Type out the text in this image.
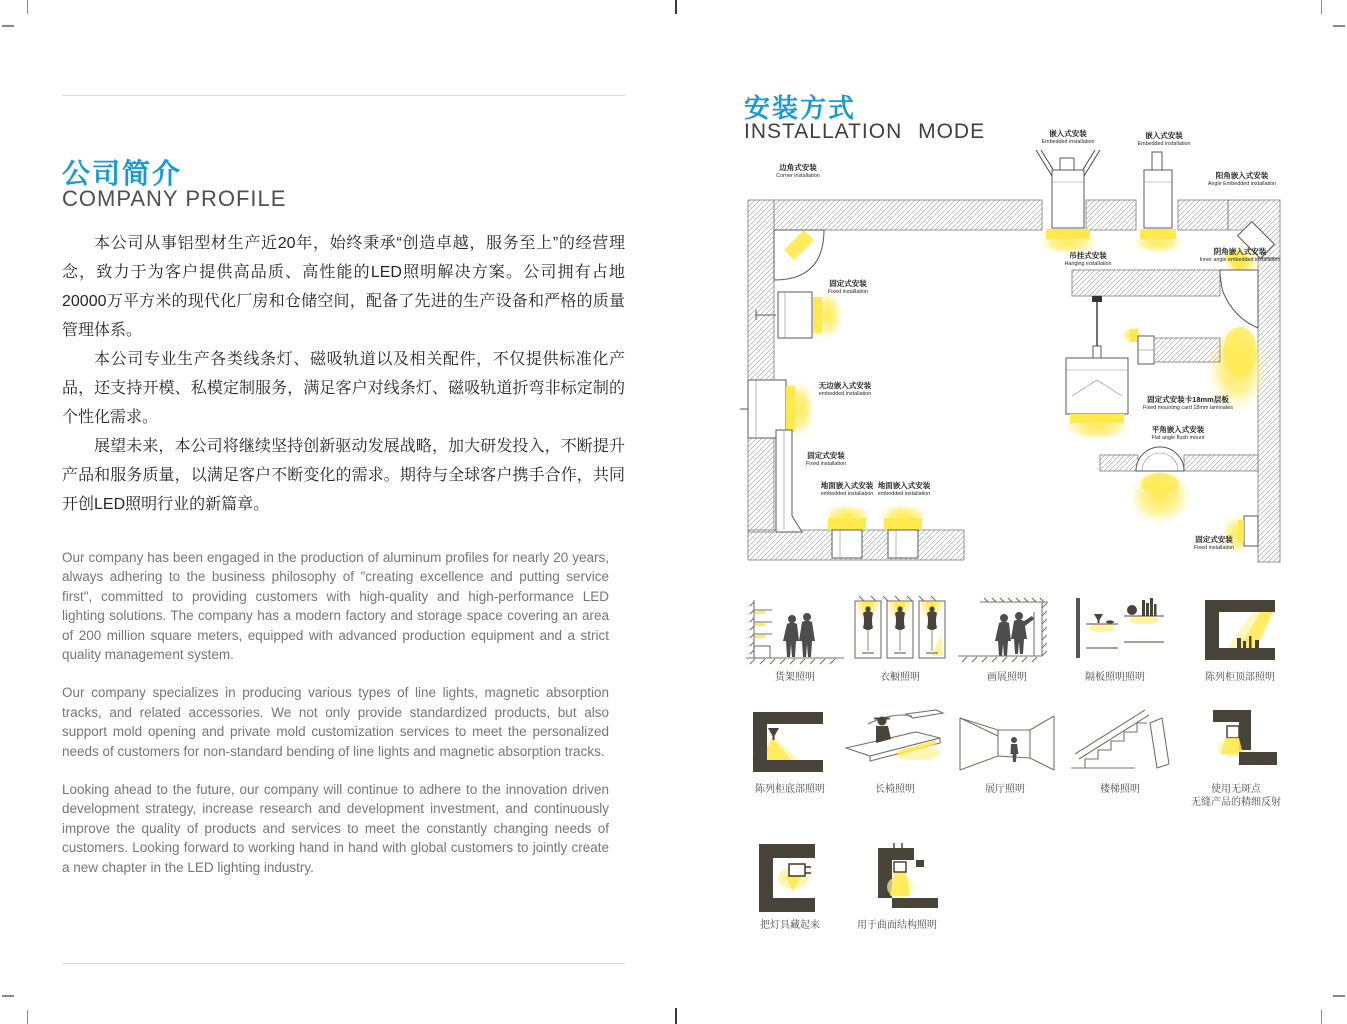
公司简介
COMPANY PROFILE

本公司从事铝型材生产近20年，始终秉承“创造卓越，服务至上”的经营理念，致力于为客户提供高品质、高性能的LED照明解决方案。公司拥有占地20000万平方米的现代化厂房和仓储空间，配备了先进的生产设备和严格的质量管理体系。

本公司专业生产各类线条灯、磁吸轨道以及相关配件，不仅提供标准化产品，还支持开模、私模定制服务，满足客户对线条灯、磁吸轨道折弯非标定制的个性化需求。

展望未来，本公司将继续坚持创新驱动发展战略，加大研发投入，不断提升产品和服务质量，以满足客户不断变化的需求。期待与全球客户携手合作，共同开创LED照明行业的新篇章。

Our company has been engaged in the production of aluminum profiles for nearly 20 years, always adhering to the business philosophy of "creating excellence and putting service first", committed to providing customers with high-quality and high-performance LED lighting solutions. The company has a modern factory and storage space covering an area of 200 million square meters, equipped with advanced production equipment and a strict quality management system.

Our company specializes in producing various types of line lights, magnetic absorption tracks, and related accessories. We not only provide standardized products, but also support mold opening and private mold customization services to meet the personalized needs of customers for non-standard bending of line lights and magnetic absorption tracks.

Looking ahead to the future, our company will continue to adhere to the innovation driven development strategy, increase research and development investment, and continuously improve the quality of products and services to meet the constantly changing needs of customers. Looking forward to working hand in hand with global customers to jointly create a new chapter in the LED lighting industry.

安装方式
INSTALLATION MODE
边角式安装
Corner installation
嵌入式安装
Embedded installation
嵌入式安装
Embedded installation
阳角嵌入式安装
Angle Embedded installation
固定式安装
Fixed installation
吊挂式安装
Hanging installation
阴角嵌入式安装
Inner angle embedded installation
无边嵌入式安装
embedded installation
固定式安装卡18mm层板
Fixed mounting card 18mm laminates
平角嵌入式安装
Flat angle flush mount
固定式安装
Fixed installation
地面嵌入式安装
embedded installation
地面嵌入式安装
embedded installation
固定式安装
Fixed installation
货架照明	衣橱照明	画展照明	隔板照明照明	陈列柜顶部照明
陈列柜底部照明	长椅照明	展厅照明	楼梯照明	使用无斑点
无缝产品的精细反射
把灯具藏起来	用于曲面结构照明
